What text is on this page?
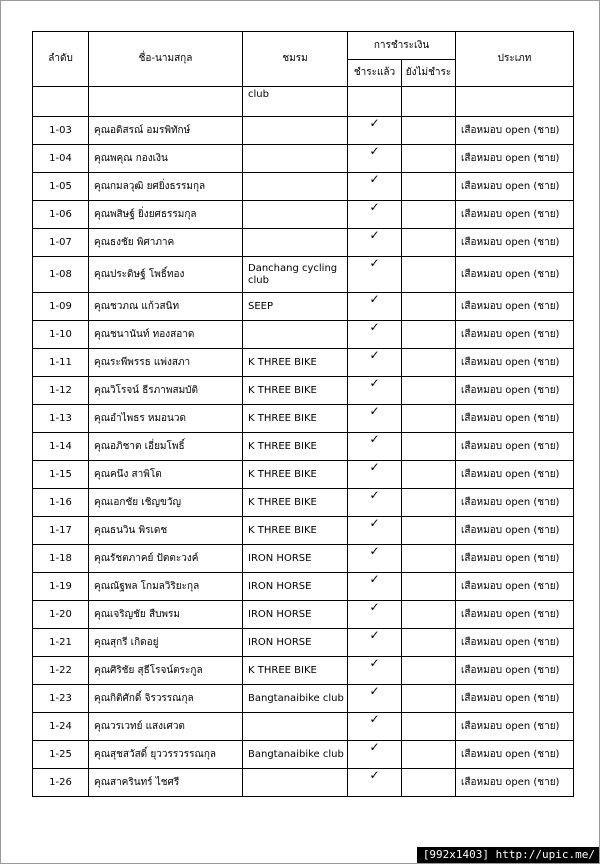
ลำดับ	ชื่อ-นามสกุล	ชมรม	การชำระเงิน		ประเภท
			ชำระแล้ว	ยังไม่ชำระ	
		club			
1-03	คุณอดิสรณ์ อมรพิทักษ์		✓		เสือหมอบ open (ชาย)
1-04	คุณพคุณ กองเงิน		✓		เสือหมอบ open (ชาย)
1-05	คุณกมลวุฒิ ยศยิ่งธรรมกุล		✓		เสือหมอบ open (ชาย)
1-06	คุณพสิษฐ์ ยิ่งยศธรรมกุล		✓		เสือหมอบ open (ชาย)
1-07	คุณธงชัย พิศาภาค		✓		เสือหมอบ open (ชาย)
1-08	คุณประดิษฐ์ โพธิ์ทอง	Danchang cycling club	✓		เสือหมอบ open (ชาย)
1-09	คุณชวภณ แก้วสนิท	SEEP	✓		เสือหมอบ open (ชาย)
1-10	คุณชนานันท์ ทองสอาด		✓		เสือหมอบ open (ชาย)
1-11	คุณระพีพรรธ แพ่งสภา	K THREE BIKE	✓		เสือหมอบ open (ชาย)
1-12	คุณวิโรจน์ ธีรภาพสมบัติ	K THREE BIKE	✓		เสือหมอบ open (ชาย)
1-13	คุณอำไพธร หมอนวด	K THREE BIKE	✓		เสือหมอบ open (ชาย)
1-14	คุณอภิชาต เอี่ยมโพธิ์	K THREE BIKE	✓		เสือหมอบ open (ชาย)
1-15	คุณคนึง สาพิโต	K THREE BIKE	✓		เสือหมอบ open (ชาย)
1-16	คุณเอกชัย เชิญขวัญ	K THREE BIKE	✓		เสือหมอบ open (ชาย)
1-17	คุณธนวิน พิรเดช	K THREE BIKE	✓		เสือหมอบ open (ชาย)
1-18	คุณรัชตภาคย์ ปัตตะวงค์	IRON HORSE	✓		เสือหมอบ open (ชาย)
1-19	คุณณัฐพล โกมลวิริยะกุล	IRON HORSE	✓		เสือหมอบ open (ชาย)
1-20	คุณเจริญชัย สืบพรม	IRON HORSE	✓		เสือหมอบ open (ชาย)
1-21	คุณสุกรี เกิดอยู่	IRON HORSE	✓		เสือหมอบ open (ชาย)
1-22	คุณศิริชัย สุธีโรจน์ตระกูล	K THREE BIKE	✓		เสือหมอบ open (ชาย)
1-23	คุณกิติศักดิ์ จิรวรรณกุล	Bangtanaibike club	✓		เสือหมอบ open (ชาย)
1-24	คุณวรเวทย์ แสงเศวต		✓		เสือหมอบ open (ชาย)
1-25	คุณสุชสวัสดิ์ ยุววรรวรรณกุล	Bangtanaibike club	✓		เสือหมอบ open (ชาย)
1-26	คุณสาครินทร์ ไชศรี		✓		เสือหมอบ open (ชาย)
[992x1403] http://upic.me/
